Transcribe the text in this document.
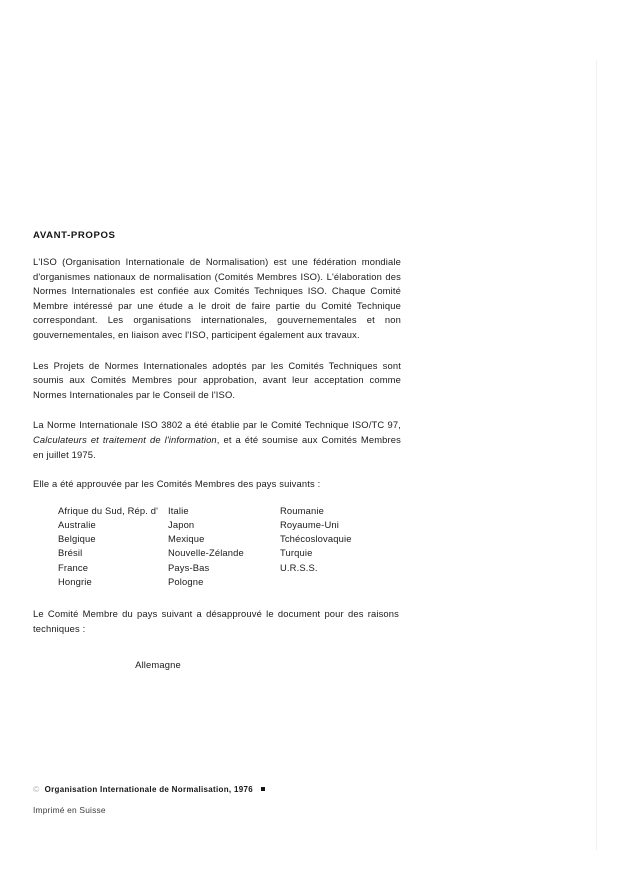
AVANT-PROPOS

L'ISO (Organisation Internationale de Normalisation) est une fédération mondiale d'organismes nationaux de normalisation (Comités Membres ISO). L'élaboration des Normes Internationales est confiée aux Comités Techniques ISO. Chaque Comité Membre intéressé par une étude a le droit de faire partie du Comité Technique correspondant. Les organisations internationales, gouvernementales et non gouvernementales, en liaison avec l'ISO, participent également aux travaux.

Les Projets de Normes Internationales adoptés par les Comités Techniques sont soumis aux Comités Membres pour approbation, avant leur acceptation comme Normes Internationales par le Conseil de l'ISO.

La Norme Internationale ISO 3802 a été établie par le Comité Technique ISO/TC 97, Calculateurs et traitement de l'information, et a été soumise aux Comités Membres en juillet 1975.

Elle a été approuvée par les Comités Membres des pays suivants :

Afrique du Sud, Rép. d'	Italie	Roumanie
Australie	Japon	Royaume-Uni
Belgique	Mexique	Tchécoslovaquie
Brésil	Nouvelle-Zélande	Turquie
France	Pays-Bas	U.R.S.S.
Hongrie	Pologne

Le Comité Membre du pays suivant a désapprouvé le document pour des raisons techniques :

Allemagne

© Organisation Internationale de Normalisation, 1976
Imprimé en Suisse
